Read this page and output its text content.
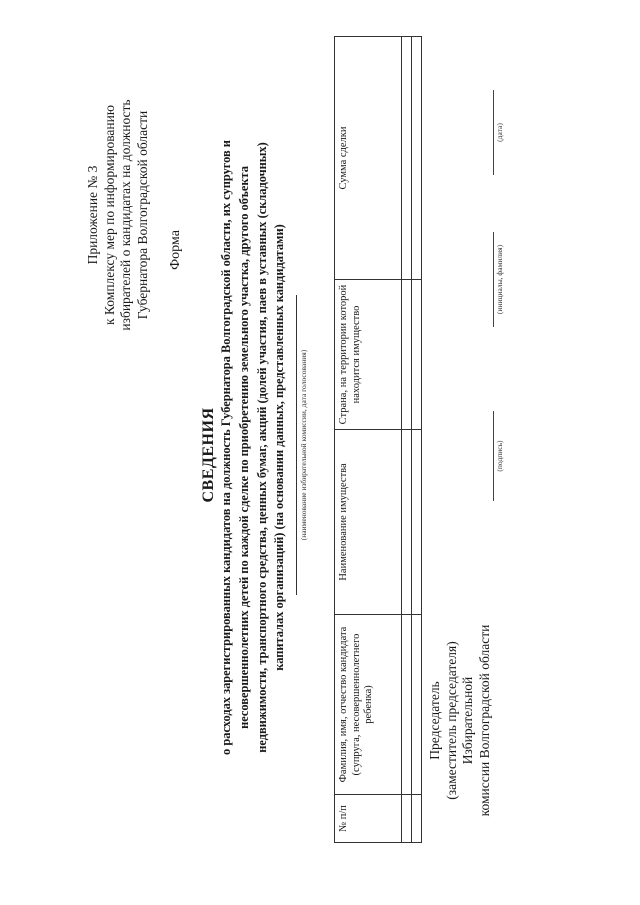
Приложение № 3 к Комплексу мер по информированию избирателей о кандидатах на должность Губернатора Волгоградской области Форма
СВЕДЕНИЯ о расходах зарегистрированных кандидатов на должность Губернатора Волгоградской области, их супругов и несовершеннолетних детей по каждой сделке по приобретению земельного участка, другого объекта недвижимости, транспортного средства, ценных бумаг, акций (долей участия, паев в уставных (складочных) капиталах организаций) (на основании данных, представленных кандидатами)	(наименование избирательной комиссии, дата голосования)
№ п/п	Фамилия, имя, отчество кандидата (супруга, несовершеннолетнего ребенка)	Наименование имущества	Страна, на территории которой находится имущество	Сумма сделки

Председатель (заместитель председателя) Избирательной комиссии Волгоградской области
(подпись)
(инициалы, фамилия)
(дата)
